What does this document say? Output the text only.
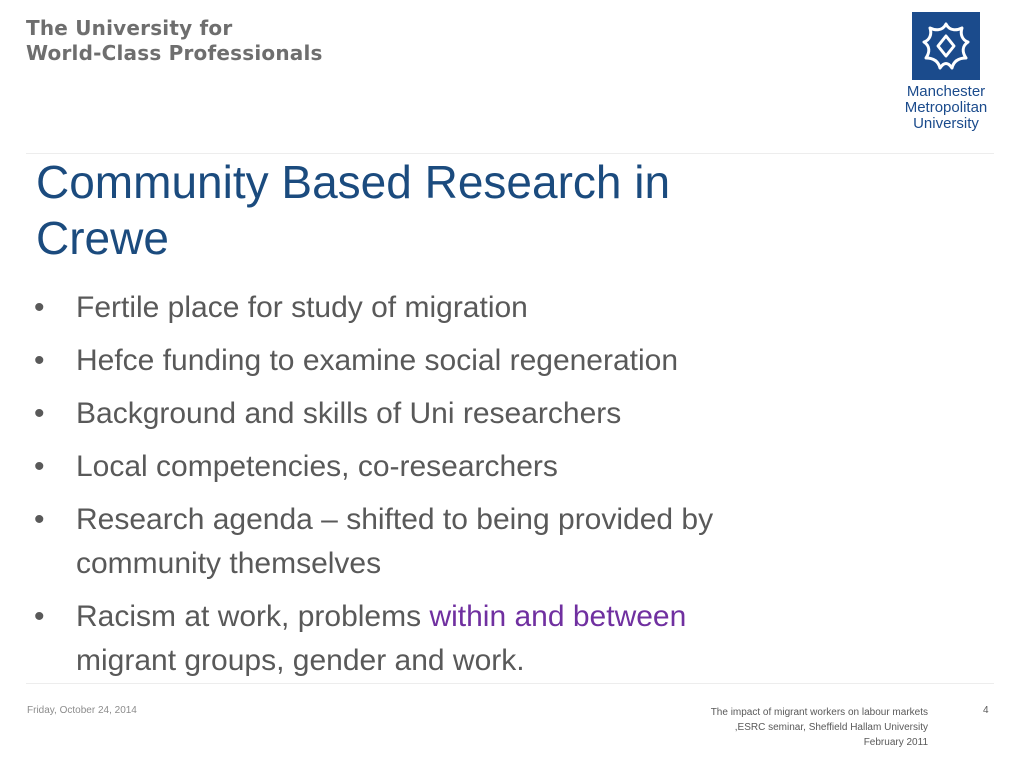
The University for
World-Class Professionals
Manchester
Metropolitan
University
Community Based Research in
Crewe
•	Fertile place for study of migration
•	Hefce funding to examine social regeneration
•	Background and skills of Uni researchers
•	Local competencies, co-researchers
•	Research agenda – shifted to being provided by
community themselves
•	Racism at work, problems within and between
migrant groups, gender and work.
Friday, October 24, 2014	The impact of migrant workers on labour markets
,ESRC seminar, Sheffield Hallam University
February 2011
4
